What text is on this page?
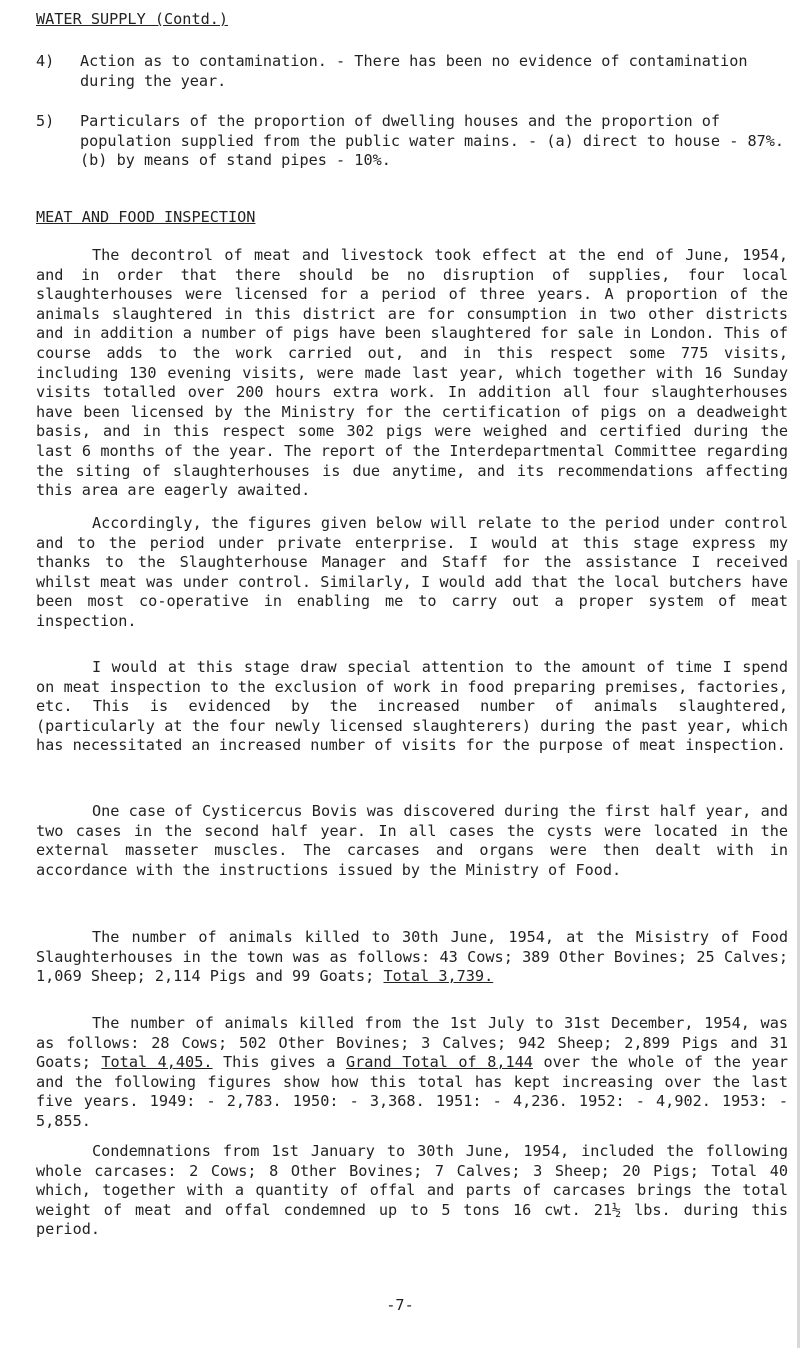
WATER SUPPLY (Contd.)
4) Action as to contamination. - There has been no evidence of contamination during the year.
5) Particulars of the proportion of dwelling houses and the proportion of population supplied from the public water mains. - (a) direct to house - 87%. (b) by means of stand pipes - 10%.
MEAT AND FOOD INSPECTION
The decontrol of meat and livestock took effect at the end of June, 1954, and in order that there should be no disruption of supplies, four local slaughterhouses were licensed for a period of three years. A proportion of the animals slaughtered in this district are for consumption in two other districts and in addition a number of pigs have been slaughtered for sale in London. This of course adds to the work carried out, and in this respect some 775 visits, including 130 evening visits, were made last year, which together with 16 Sunday visits totalled over 200 hours extra work. In addition all four slaughterhouses have been licensed by the Ministry for the certification of pigs on a deadweight basis, and in this respect some 302 pigs were weighed and certified during the last 6 months of the year. The report of the Interdepartmental Committee regarding the siting of slaughterhouses is due anytime, and its recommendations affecting this area are eagerly awaited.
Accordingly, the figures given below will relate to the period under control and to the period under private enterprise. I would at this stage express my thanks to the Slaughterhouse Manager and Staff for the assistance I received whilst meat was under control. Similarly, I would add that the local butchers have been most co-operative in enabling me to carry out a proper system of meat inspection.
I would at this stage draw special attention to the amount of time I spend on meat inspection to the exclusion of work in food preparing premises, factories, etc. This is evidenced by the increased number of animals slaughtered, (particularly at the four newly licensed slaughterers) during the past year, which has necessitated an increased number of visits for the purpose of meat inspection.
One case of Cysticercus Bovis was discovered during the first half year, and two cases in the second half year. In all cases the cysts were located in the external masseter muscles. The carcases and organs were then dealt with in accordance with the instructions issued by the Ministry of Food.
The number of animals killed to 30th June, 1954, at the Misistry of Food Slaughterhouses in the town was as follows: 43 Cows; 389 Other Bovines; 25 Calves; 1,069 Sheep; 2,114 Pigs and 99 Goats; Total 3,739.
The number of animals killed from the 1st July to 31st December, 1954, was as follows: 28 Cows; 502 Other Bovines; 3 Calves; 942 Sheep; 2,899 Pigs and 31 Goats; Total 4,405. This gives a Grand Total of 8,144 over the whole of the year and the following figures show how this total has kept increasing over the last five years. 1949: - 2,783. 1950: - 3,368. 1951: - 4,236. 1952: - 4,902. 1953: - 5,855.
Condemnations from 1st January to 30th June, 1954, included the following whole carcases: 2 Cows; 8 Other Bovines; 7 Calves; 3 Sheep; 20 Pigs; Total 40 which, together with a quantity of offal and parts of carcases brings the total weight of meat and offal condemned up to 5 tons 16 cwt. 21½ lbs. during this period.
-7-
